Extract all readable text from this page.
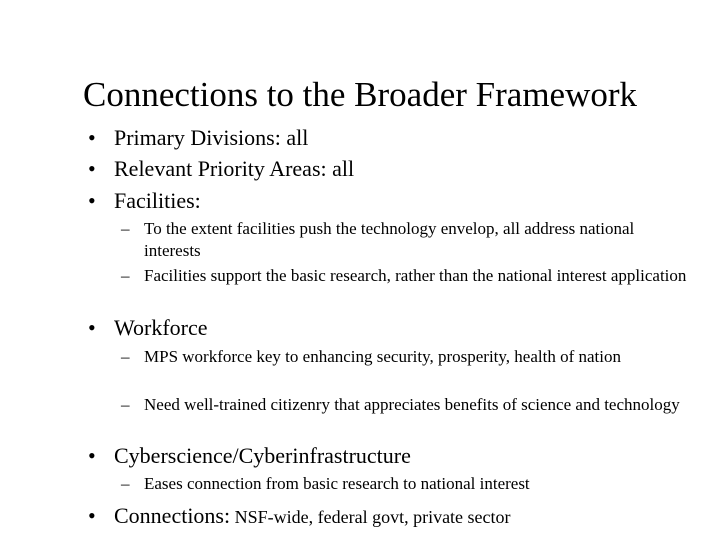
Connections to the Broader Framework
• Primary Divisions: all
• Relevant Priority Areas: all
• Facilities:
– To the extent facilities push the technology envelop, all address national interests
– Facilities support the basic research, rather than the national interest application
• Workforce
– MPS workforce key to enhancing security, prosperity, health of nation
– Need well-trained citizenry that appreciates benefits of science and technology
• Cyberscience/Cyberinfrastructure
– Eases connection from basic research to national interest
• Connections: NSF-wide, federal govt, private sector
